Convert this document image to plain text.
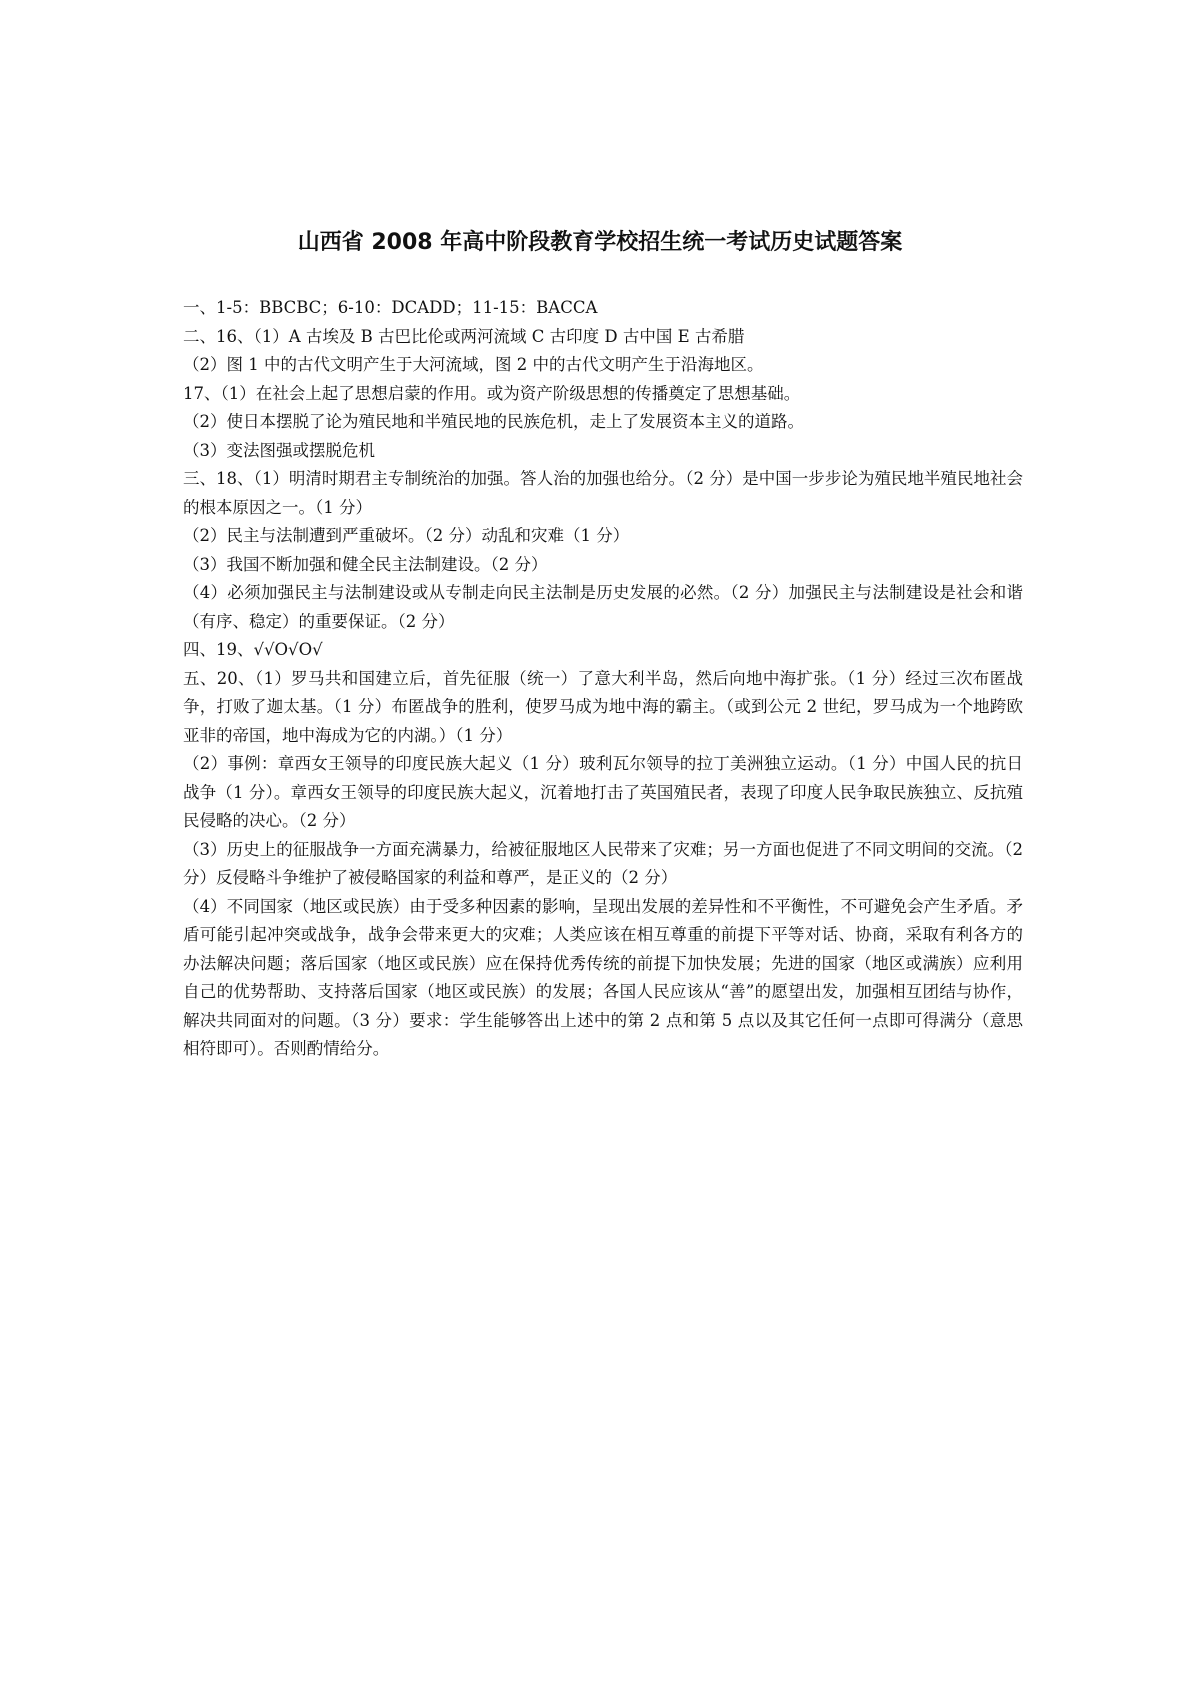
山西省 2008 年高中阶段教育学校招生统一考试历史试题答案

一、1-5：BBCBC；6-10：DCADD；11-15：BACCA

二、16、（1）A 古埃及 B 古巴比伦或两河流域 C 古印度 D 古中国 E 古希腊

（2）图 1 中的古代文明产生于大河流域，图 2 中的古代文明产生于沿海地区。

17、（1）在社会上起了思想启蒙的作用。或为资产阶级思想的传播奠定了思想基础。

（2）使日本摆脱了论为殖民地和半殖民地的民族危机，走上了发展资本主义的道路。

（3）变法图强或摆脱危机

三、18、（1）明清时期君主专制统治的加强。答人治的加强也给分。（2 分）是中国一步步论为殖民地半殖民地社会的根本原因之一。（1 分）

（2）民主与法制遭到严重破坏。（2 分）动乱和灾难（1 分）

（3）我国不断加强和健全民主法制建设。（2 分）

（4）必须加强民主与法制建设或从专制走向民主法制是历史发展的必然。（2 分）加强民主与法制建设是社会和谐（有序、稳定）的重要保证。（2 分）

四、19、√√O√O√

五、20、（1）罗马共和国建立后，首先征服（统一）了意大利半岛，然后向地中海扩张。（1 分）经过三次布匿战争，打败了迦太基。（1 分）布匿战争的胜利，使罗马成为地中海的霸主。（或到公元 2 世纪，罗马成为一个地跨欧亚非的帝国，地中海成为它的内湖。）（1 分）

（2）事例：章西女王领导的印度民族大起义（1 分）玻利瓦尔领导的拉丁美洲独立运动。（1 分）中国人民的抗日战争（1 分）。章西女王领导的印度民族大起义，沉着地打击了英国殖民者，表现了印度人民争取民族独立、反抗殖民侵略的决心。（2 分）

（3）历史上的征服战争一方面充满暴力，给被征服地区人民带来了灾难；另一方面也促进了不同文明间的交流。（2 分）反侵略斗争维护了被侵略国家的利益和尊严，是正义的（2 分）

（4）不同国家（地区或民族）由于受多种因素的影响，呈现出发展的差异性和不平衡性，不可避免会产生矛盾。矛盾可能引起冲突或战争，战争会带来更大的灾难；人类应该在相互尊重的前提下平等对话、协商，采取有利各方的办法解决问题；落后国家（地区或民族）应在保持优秀传统的前提下加快发展；先进的国家（地区或满族）应利用自己的优势帮助、支持落后国家（地区或民族）的发展；各国人民应该从“善”的愿望出发，加强相互团结与协作，解决共同面对的问题。（3 分）要求：学生能够答出上述中的第 2 点和第 5 点以及其它任何一点即可得满分（意思相符即可）。否则酌情给分。
